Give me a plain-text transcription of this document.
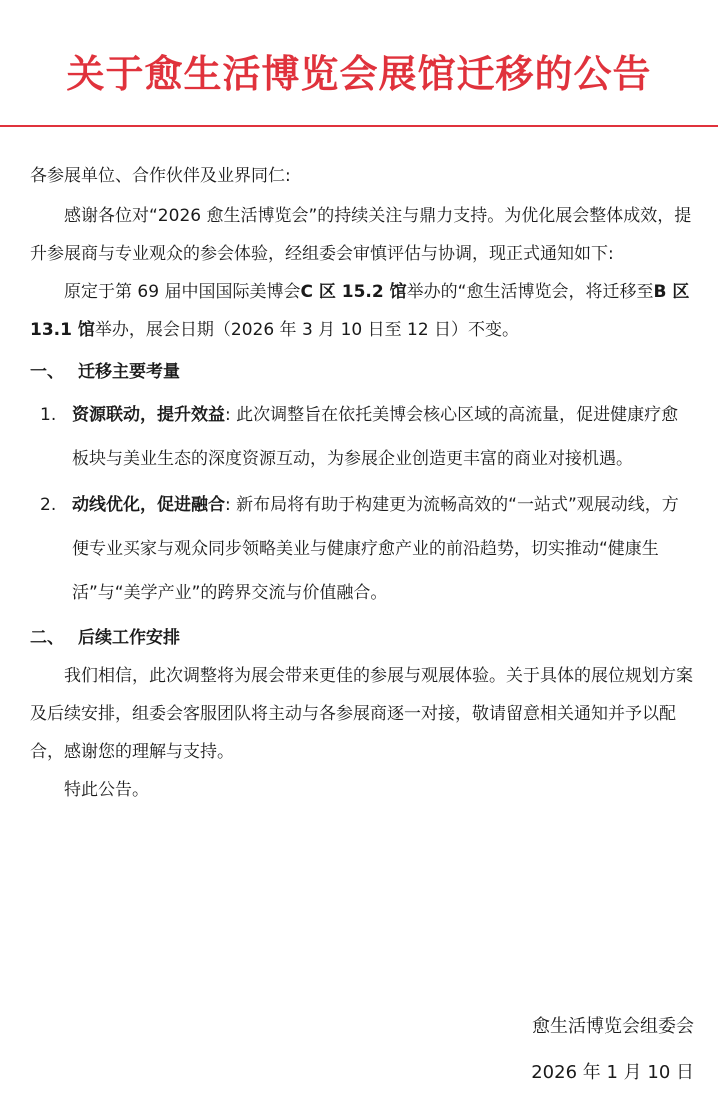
关于愈生活博览会展馆迁移的公告

各参展单位、合作伙伴及业界同仁:

感谢各位对“2026 愈生活博览会”的持续关注与鼎力支持。为优化展会整体成效，提升参展商与专业观众的参会体验，经组委会审慎评估与协调，现正式通知如下:

原定于第 69 届中国国际美博会C 区 15.2 馆举办的“愈生活博览会，将迁移至B 区 13.1 馆举办，展会日期（2026 年 3 月 10 日至 12 日）不变。

一、 迁移主要考量

1. 资源联动，提升效益: 此次调整旨在依托美博会核心区域的高流量，促进健康疗愈板块与美业生态的深度资源互动，为参展企业创造更丰富的商业对接机遇。

2. 动线优化，促进融合: 新布局将有助于构建更为流畅高效的“一站式”观展动线，方便专业买家与观众同步领略美业与健康疗愈产业的前沿趋势，切实推动“健康生活”与“美学产业”的跨界交流与价值融合。

二、 后续工作安排

我们相信，此次调整将为展会带来更佳的参展与观展体验。关于具体的展位规划方案及后续安排，组委会客服团队将主动与各参展商逐一对接，敬请留意相关通知并予以配合，感谢您的理解与支持。

特此公告。

愈生活博览会组委会
2026 年 1 月 10 日
